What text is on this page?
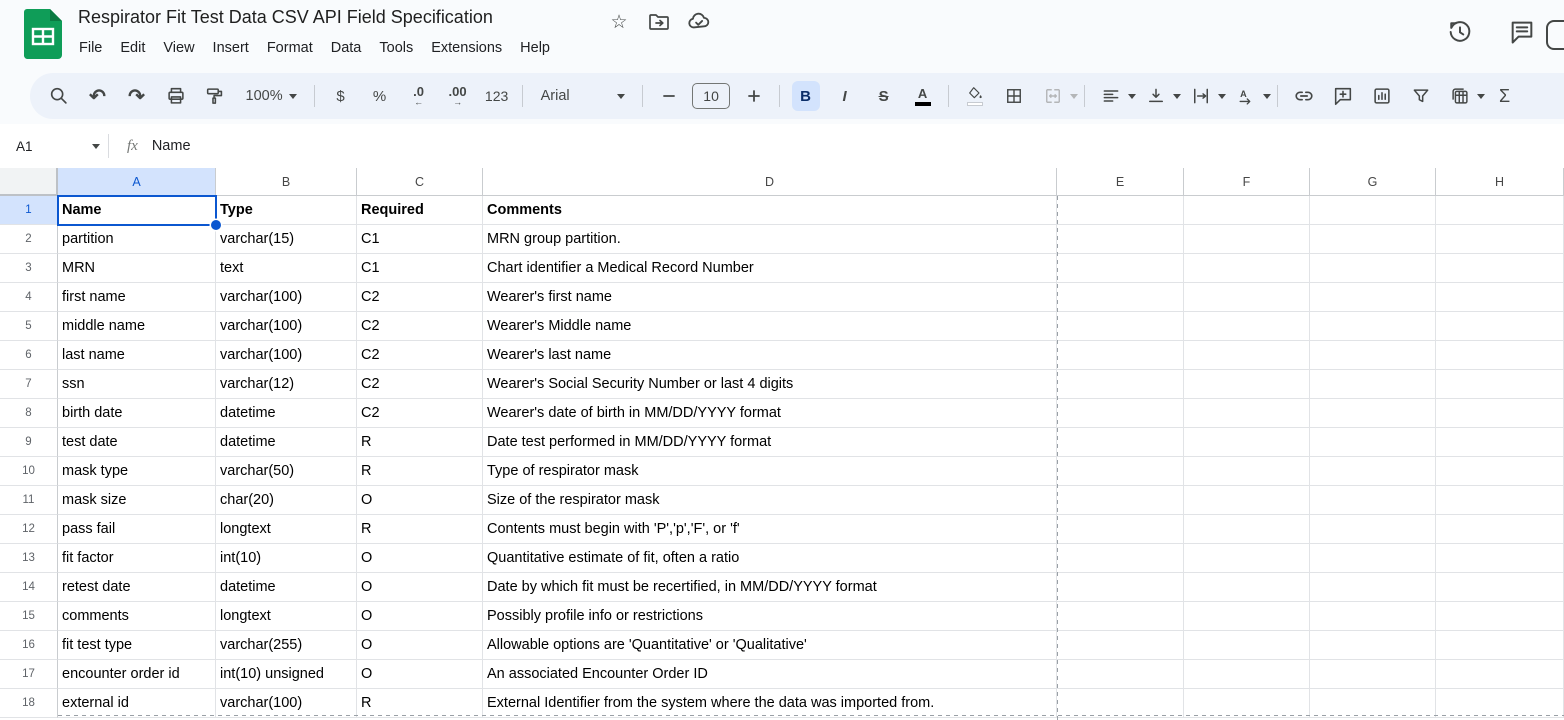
Respirator Fit Test Data CSV API Field Specification	☆
File	Edit	View	Insert	Format	Data	Tools	Extensions	Help
↶ ↷	100%	$ % .0
←
.00
→ 123 Arial	10	B I S A	A	Σ
A1	fx Name
A	B	C	D	E	F	G	H
1	Name	Type	Required	Comments
2	partition	varchar(15)	C1	MRN group partition.
3	MRN	text	C1	Chart identifier a Medical Record Number
4	first name	varchar(100)	C2	Wearer's first name
5	middle name	varchar(100)	C2	Wearer's Middle name
6	last name	varchar(100)	C2	Wearer's last name
7	ssn	varchar(12)	C2	Wearer's Social Security Number or last 4 digits
8	birth date	datetime	C2	Wearer's date of birth in MM/DD/YYYY format
9	test date	datetime	R	Date test performed in MM/DD/YYYY format
10	mask type	varchar(50)	R	Type of respirator mask
11	mask size	char(20)	O	Size of the respirator mask
12	pass fail	longtext	R	Contents must begin with 'P','p','F', or 'f'
13	fit factor	int(10)	O	Quantitative estimate of fit, often a ratio
14	retest date	datetime	O	Date by which fit must be recertified, in MM/DD/YYYY format
15	comments	longtext	O	Possibly profile info or restrictions
16	fit test type	varchar(255)	O	Allowable options are 'Quantitative' or 'Qualitative'
17	encounter order id	int(10) unsigned	O	An associated Encounter Order ID
18	external id	varchar(100)	R	External Identifier from the system where the data was imported from.
